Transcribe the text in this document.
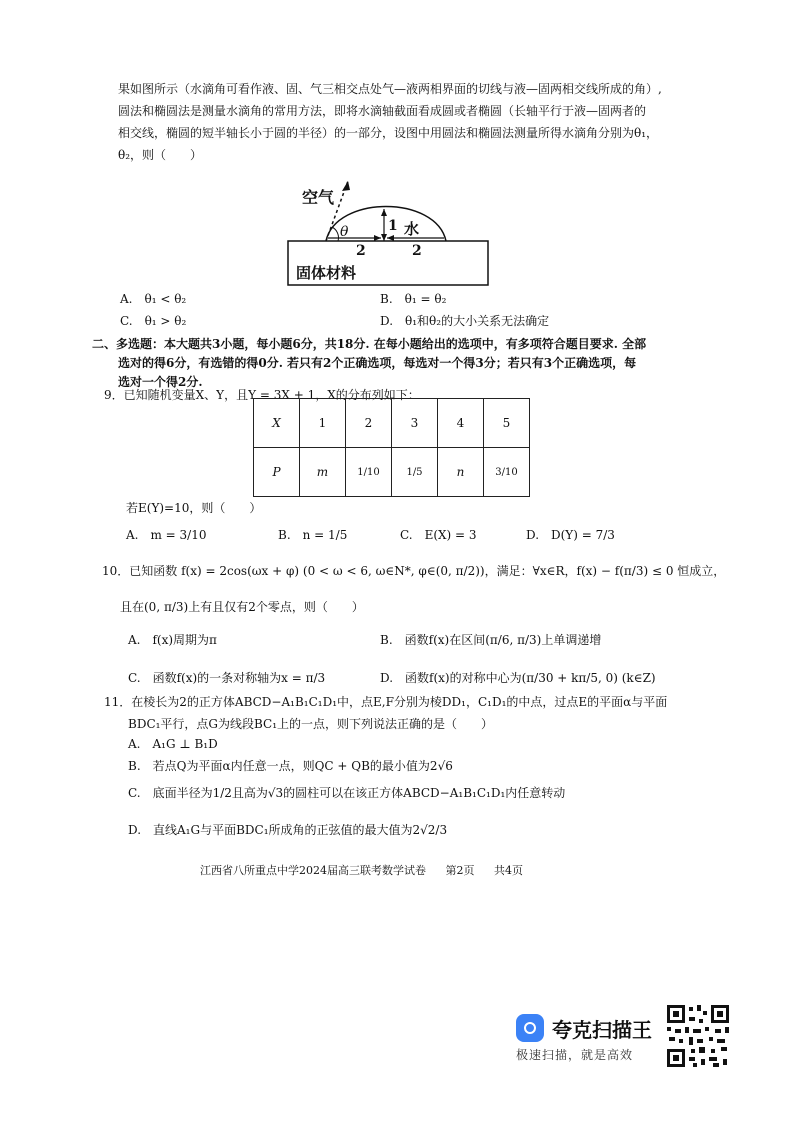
果如图所示（水滴角可看作液、固、气三相交点处气—液两相界面的切线与液—固两相交线所成的角）,
圆法和椭圆法是测量水滴角的常用方法，即将水滴轴截面看成圆或者椭圆（长轴平行于液—固两者的
相交线，椭圆的短半轴长小于圆的半径）的一部分，设图中用圆法和椭圆法测量所得水滴角分别为θ₁，
θ₂，则（　　）
空气
θ	1 水
2	2
固体材料
A.　θ₁ < θ₂	B.　θ₁ = θ₂
C.　θ₁ > θ₂	D.　θ₁和θ₂的大小关系无法确定
二、多选题：本大题共3小题，每小题6分，共18分. 在每小题给出的选项中，有多项符合题目要求. 全部
选对的得6分，有选错的得0分. 若只有2个正确选项，每选对一个得3分；若只有3个正确选项，每
选对一个得2分.
9．已知随机变量X、Y，且Y = 3X + 1，X的分布列如下：
X	1	2	3	4	5
P	m	1/10	1/5	n	3/10
若E(Y)=10，则（　　）
A.　m = 3/10	B.　n = 1/5	C.　E(X) = 3	D.　D(Y) = 7/3
10．已知函数 f(x) = 2cos(ωx + φ) (0 < ω < 6, ω∈N*, φ∈(0, π/2))，满足：∀x∈R，f(x) − f(π/3) ≤ 0 恒成立，
且在(0, π/3)上有且仅有2个零点，则（　　）
A.　f(x)周期为π	B.　函数f(x)在区间(π/6, π/3)上单调递增
C.　函数f(x)的一条对称轴为x = π/3	D.　函数f(x)的对称中心为(π/30 + kπ/5, 0) (k∈Z)
11．在棱长为2的正方体ABCD−A₁B₁C₁D₁中，点E,F分别为棱DD₁，C₁D₁的中点，过点E的平面α与平面
BDC₁平行，点G为线段BC₁上的一点，则下列说法正确的是（　　）
A.　A₁G ⊥ B₁D
B.　若点Q为平面α内任意一点，则QC + QB的最小值为2√6
C.　底面半径为1/2且高为√3的圆柱可以在该正方体ABCD−A₁B₁C₁D₁内任意转动
D.　直线A₁G与平面BDC₁所成角的正弦值的最大值为2√2/3
江西省八所重点中学2024届高三联考数学试卷 第2页 共4页
夸克扫描王
极速扫描，就是高效
